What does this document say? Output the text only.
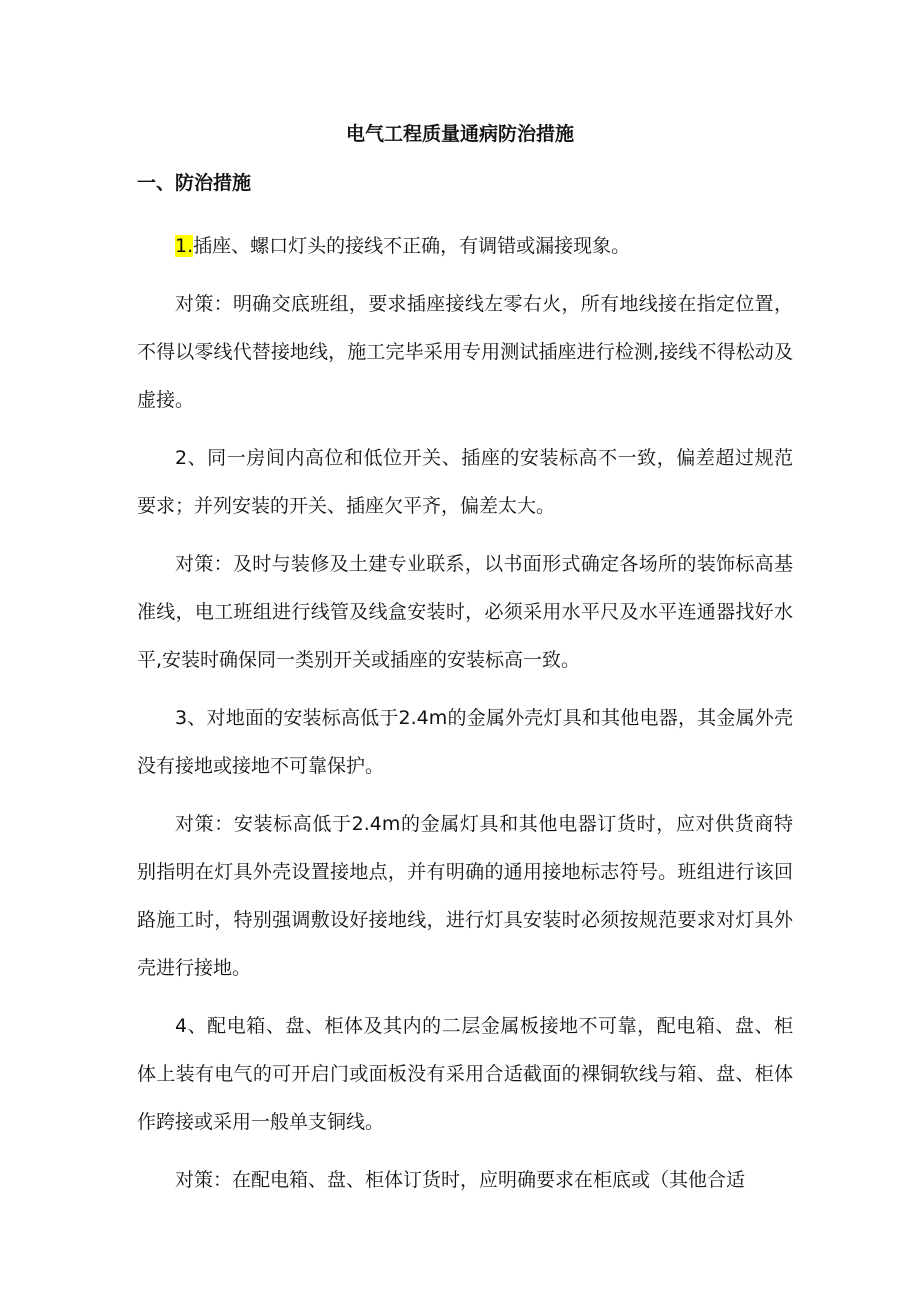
电气工程质量通病防治措施
一、防治措施

1.插座、螺口灯头的接线不正确，有调错或漏接现象。

对策：明确交底班组，要求插座接线左零右火，所有地线接在指定位置，不得以零线代替接地线，施工完毕采用专用测试插座进行检测,接线不得松动及虚接。

2、同一房间内高位和低位开关、插座的安装标高不一致，偏差超过规范要求；并列安装的开关、插座欠平齐，偏差太大。

对策：及时与装修及土建专业联系，以书面形式确定各场所的装饰标高基准线，电工班组进行线管及线盒安装时，必须采用水平尺及水平连通器找好水平,安装时确保同一类别开关或插座的安装标高一致。

3、对地面的安装标高低于2.4m的金属外壳灯具和其他电器，其金属外壳没有接地或接地不可靠保护。

对策：安装标高低于2.4m的金属灯具和其他电器订货时，应对供货商特别指明在灯具外壳设置接地点，并有明确的通用接地标志符号。班组进行该回路施工时，特别强调敷设好接地线，进行灯具安装时必须按规范要求对灯具外壳进行接地。

4、配电箱、盘、柜体及其内的二层金属板接地不可靠，配电箱、盘、柜体上装有电气的可开启门或面板没有采用合适截面的裸铜软线与箱、盘、柜体作跨接或采用一般单支铜线。

对策：在配电箱、盘、柜体订货时，应明确要求在柜底或（其他合适
